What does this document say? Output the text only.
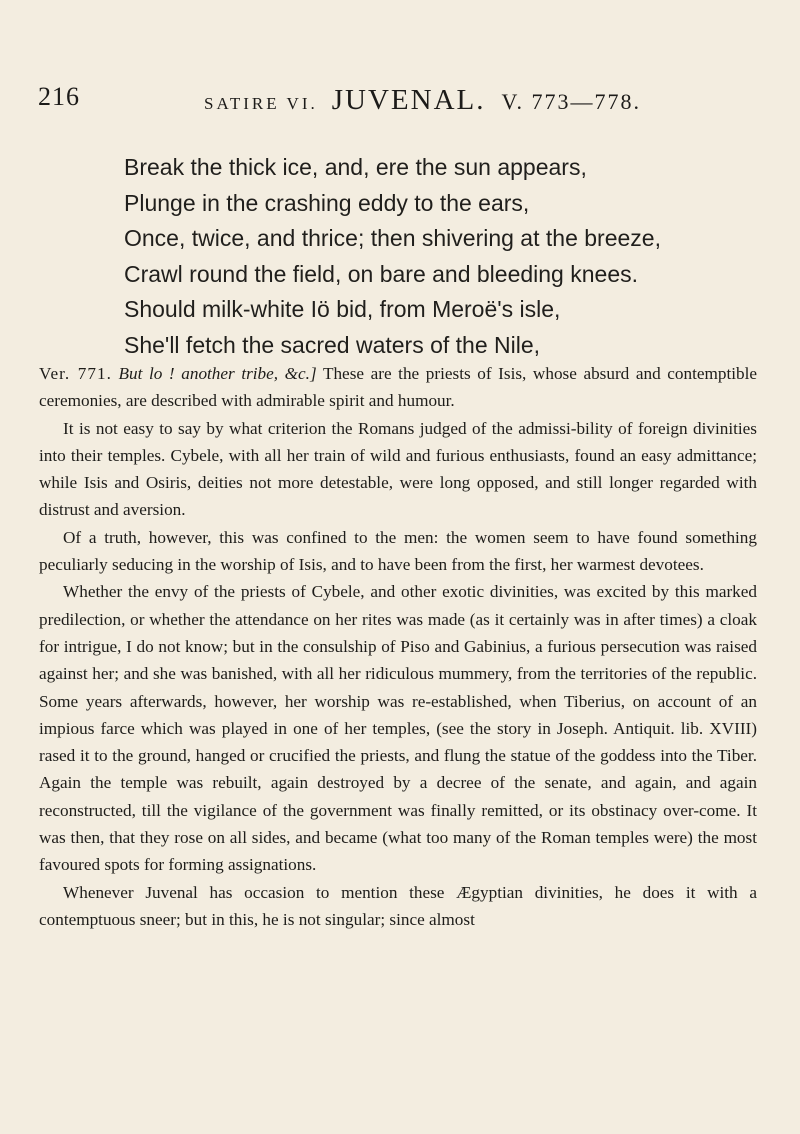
216	SATIRE VI. JUVENAL. V. 773—778.
Break the thick ice, and, ere the sun appears,
Plunge in the crashing eddy to the ears,
Once, twice, and thrice; then shivering at the breeze,
Crawl round the field, on bare and bleeding knees.
Should milk-white Iö bid, from Meroë's isle,
She'll fetch the sacred waters of the Nile,

Ver. 771. But lo ! another tribe, &c.] These are the priests of Isis, whose absurd and contemptible ceremonies, are described with admirable spirit and humour.

It is not easy to say by what criterion the Romans judged of the admissi-bility of foreign divinities into their temples. Cybele, with all her train of wild and furious enthusiasts, found an easy admittance; while Isis and Osiris, deities not more detestable, were long opposed, and still longer regarded with distrust and aversion.

Of a truth, however, this was confined to the men: the women seem to have found something peculiarly seducing in the worship of Isis, and to have been from the first, her warmest devotees.

Whether the envy of the priests of Cybele, and other exotic divinities, was excited by this marked predilection, or whether the attendance on her rites was made (as it certainly was in after times) a cloak for intrigue, I do not know; but in the consulship of Piso and Gabinius, a furious persecution was raised against her; and she was banished, with all her ridiculous mummery, from the territories of the republic. Some years afterwards, however, her worship was re-established, when Tiberius, on account of an impious farce which was played in one of her temples, (see the story in Joseph. Antiquit. lib. XVIII) rased it to the ground, hanged or crucified the priests, and flung the statue of the goddess into the Tiber. Again the temple was rebuilt, again destroyed by a decree of the senate, and again, and again reconstructed, till the vigilance of the government was finally remitted, or its obstinacy over-come. It was then, that they rose on all sides, and became (what too many of the Roman temples were) the most favoured spots for forming assignations.

Whenever Juvenal has occasion to mention these Ægyptian divinities, he does it with a contemptuous sneer; but in this, he is not singular; since almost
